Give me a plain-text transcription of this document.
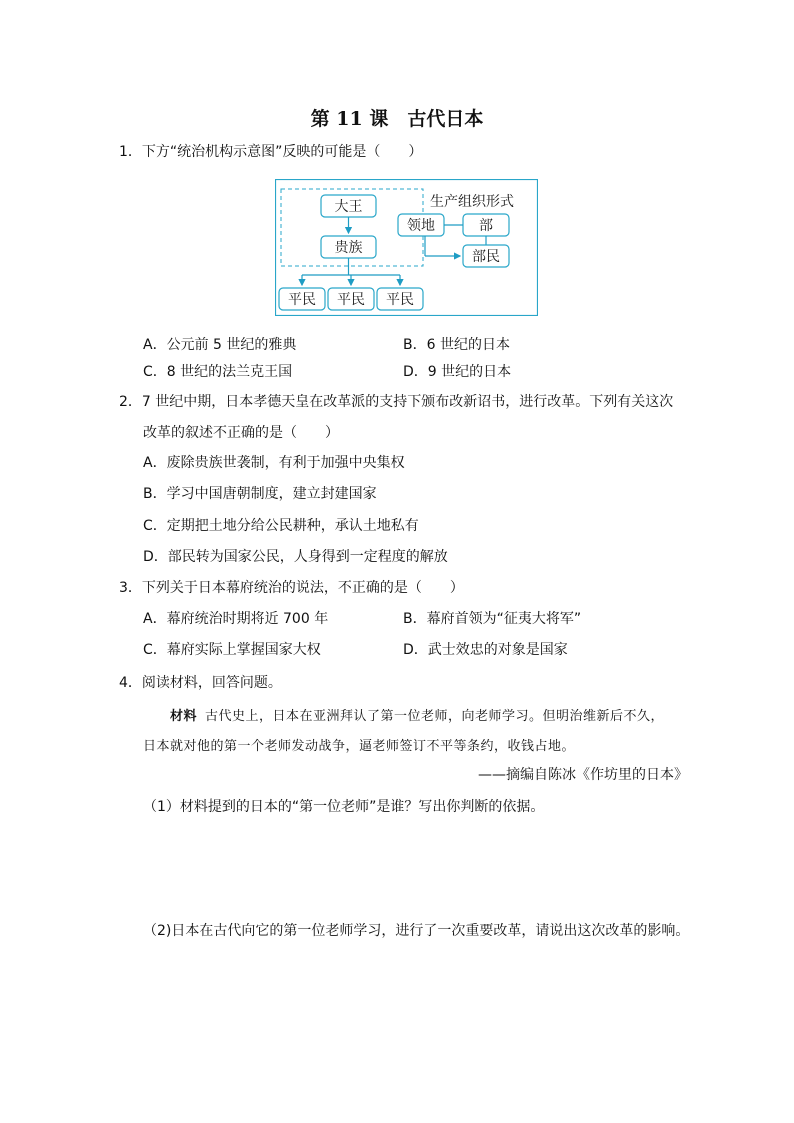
第 11 课　古代日本
1．下方“统治机构示意图”反映的可能是（　　）
大王
贵族
平民 平民 平民
生产组织形式
领地	部
部民
A．公元前 5 世纪的雅典	B．6 世纪的日本
C．8 世纪的法兰克王国	D．9 世纪的日本
2．7 世纪中期，日本孝德天皇在改革派的支持下颁布改新诏书，进行改革。下列有关这次
改革的叙述不正确的是（　　）
A．废除贵族世袭制，有利于加强中央集权
B．学习中国唐朝制度，建立封建国家
C．定期把土地分给公民耕种，承认土地私有
D．部民转为国家公民，人身得到一定程度的解放
3．下列关于日本幕府统治的说法，不正确的是（　　）
A．幕府统治时期将近 700 年	B．幕府首领为“征夷大将军”
C．幕府实际上掌握国家大权	D．武士效忠的对象是国家
4．阅读材料，回答问题。
材料 古代史上，日本在亚洲拜认了第一位老师，向老师学习。但明治维新后不久，
日本就对他的第一个老师发动战争，逼老师签订不平等条约，收钱占地。
——摘编自陈冰《作坊里的日本》
（1）材料提到的日本的“第一位老师”是谁？写出你判断的依据。
（2)日本在古代向它的第一位老师学习，进行了一次重要改革，请说出这次改革的影响。
